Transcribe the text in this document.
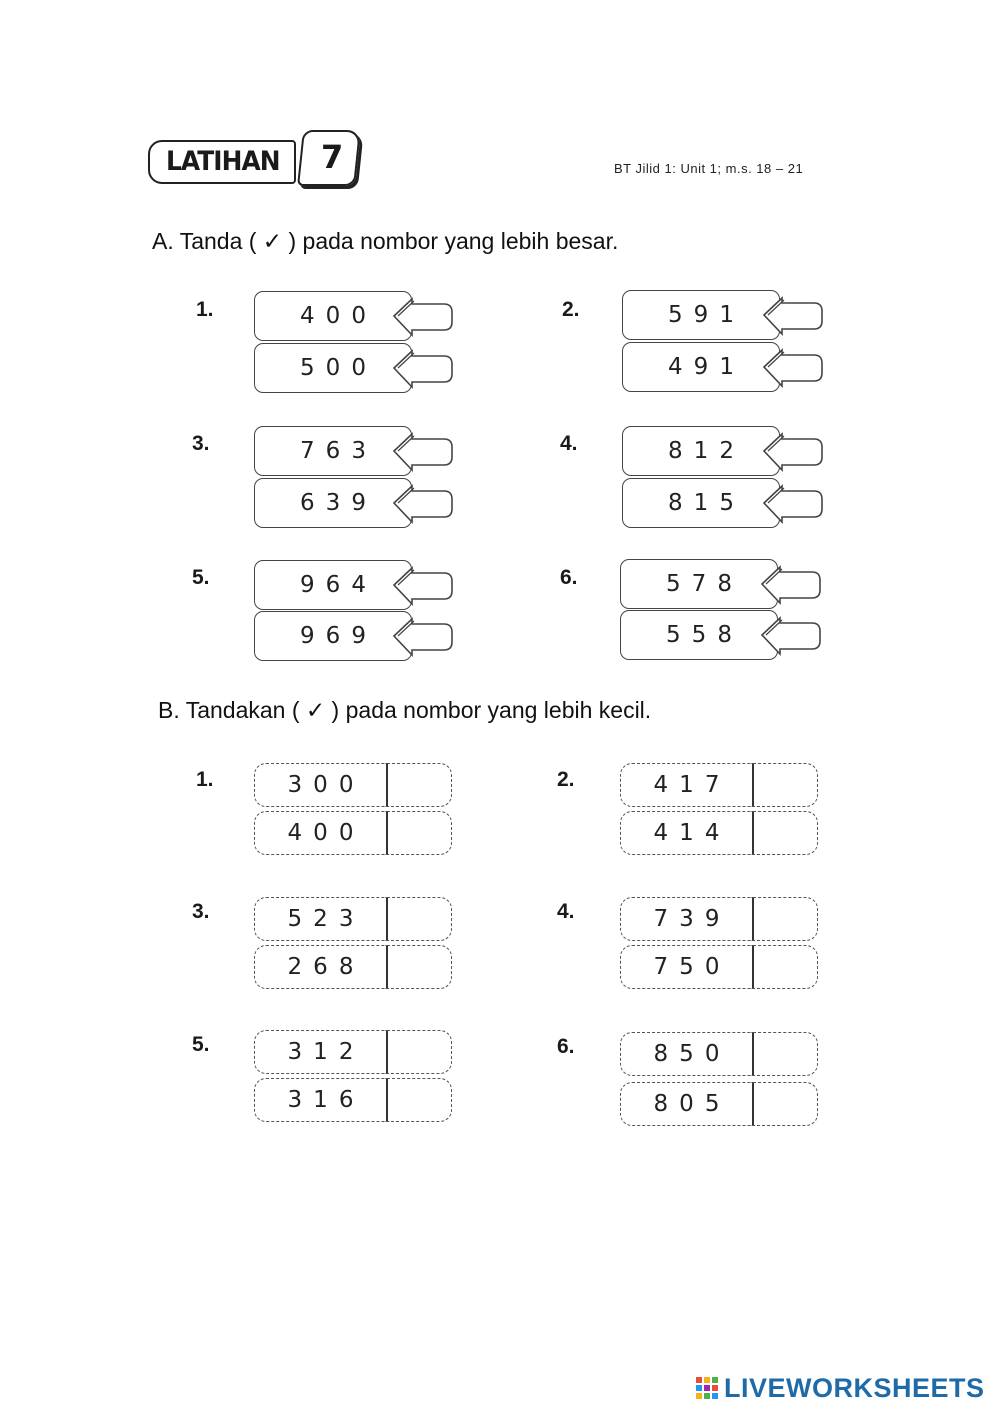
LATIHAN 7	BT Jilid 1: Unit 1; m.s. 18 – 21
A. Tanda ( ✓ ) pada nombor yang lebih besar.
1.	400
500
2.	591
491
3.	763
639
4.	812
815
5.	964
969
6.	578
558
B. Tandakan ( ✓ ) pada nombor yang lebih kecil.
1.	300
400
2.	417
414
3.	523
268
4.	739
750
5.	312
316
6.	850
805
LIVEWORKSHEETS
